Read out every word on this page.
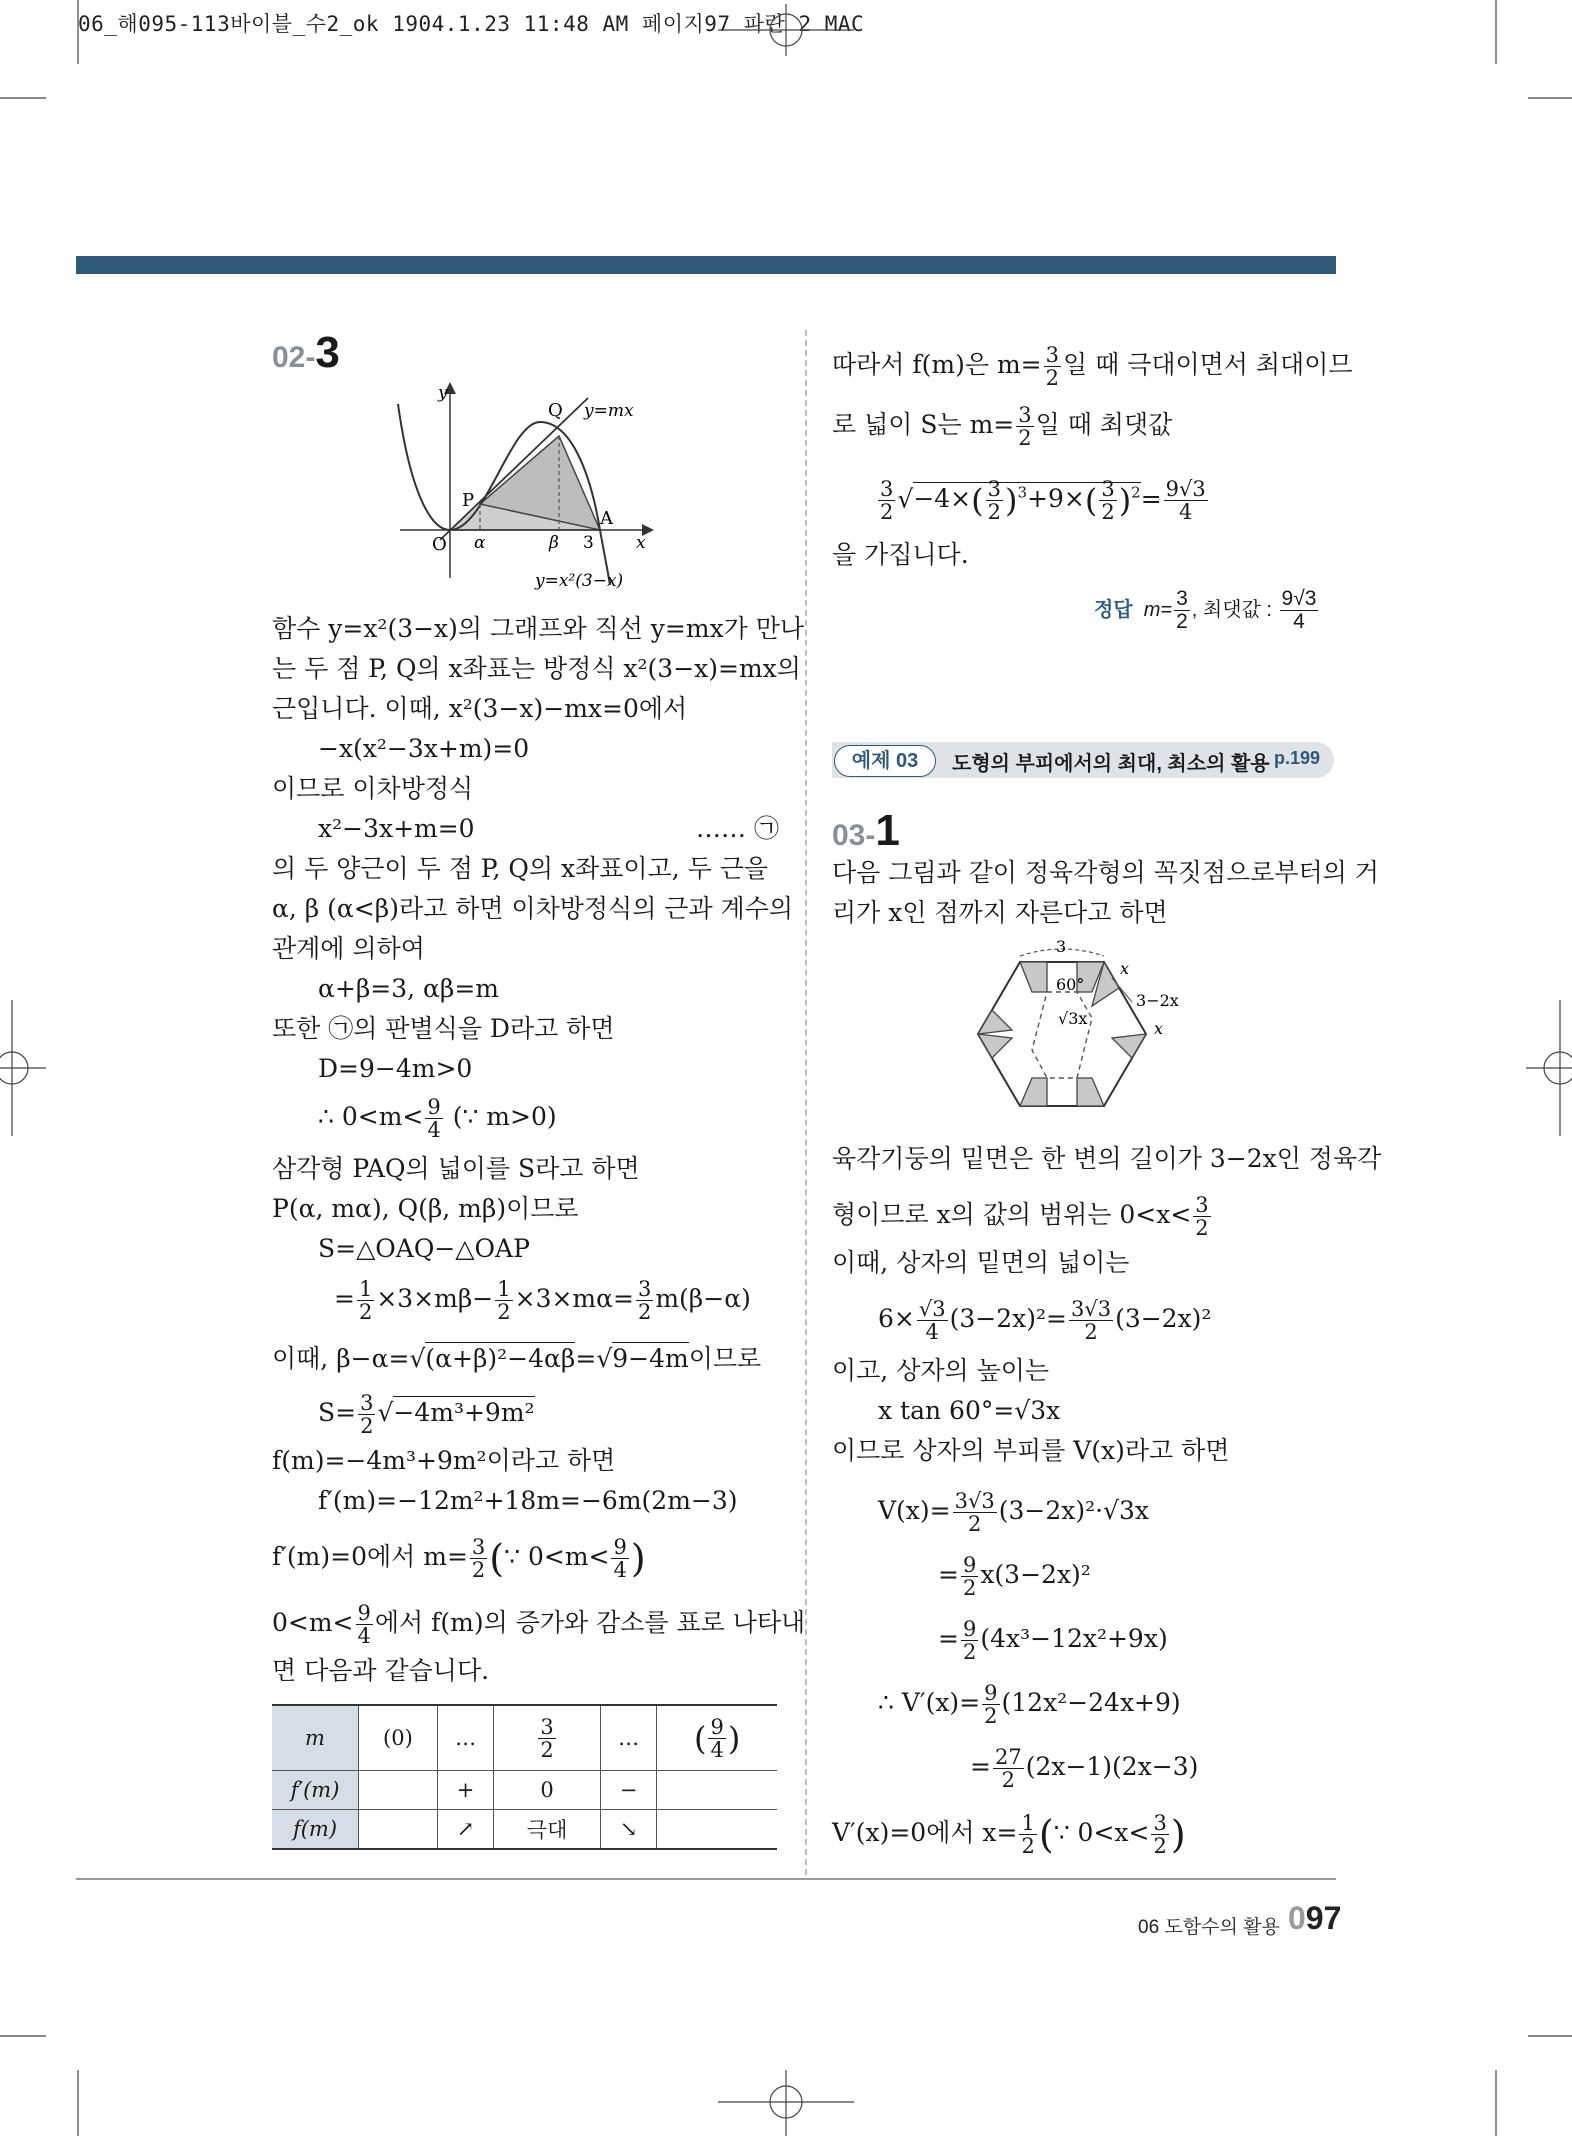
06_해095-113바이블_수2_ok 1904.1.23 11:48 AM 페이지97 파란 2 MAC
02-3
y
x
Q y=mx
P
A
O α	β 3
y=x²(3−x)
함수 y=x²(3−x)의 그래프와 직선 y=mx가 만나
는 두 점 P, Q의 x좌표는 방정식 x²(3−x)=mx의
근입니다. 이때, x²(3−x)−mx=0에서
−x(x²−3x+m)=0
이므로 이차방정식
x²−3x+m=0	…… ㉠
의 두 양근이 두 점 P, Q의 x좌표이고, 두 근을
α, β (α<β)라고 하면 이차방정식의 근과 계수의
관계에 의하여
α+β=3, αβ=m
또한 ㉠의 판별식을 D라고 하면
D=9−4m>0
∴ $0<m< \frac{9}{4}$ (∵ m>0)
삼각형 PAQ의 넓이를 S라고 하면
P(α, mα), Q(β, mβ)이므로
S=△OAQ−△OAP
= $\frac{1}{2} \times 3\times m\beta- \frac{1}{2} \times 3\times m\alpha= \frac{3}{2} m(\beta-\alpha)$
이때, β−α=√(α+β)²−4αβ=√9−4m이므로
$S= \frac{3}{2} √-4m^3+9m^2$
f(m)=−4m³+9m²이라고 하면
f′(m)=−12m²+18m=−6m(2m−3)
f′(m)=0에서 $m= \frac{3}{2}$ (∵ $0<m< \frac{9}{4}$ )
$0<m< \frac{9}{4}$ 에서 f(m)의 증가와 감소를 표로 나타내
면 다음과 같습니다.
m	(0)	…	$\frac{3}{2}$	…	( $\frac{9}{4}$ )
f′(m)		+	0	−	
f(m)		↗	극대	↘	
따라서 f(m)은 $m= \frac{3}{2}$ 일 때 극대이면서 최대이므
로 넓이 S는 $m= \frac{3}{2}$ 일 때 최댓값
$\frac{3}{2} √-4\times( \frac{3}{2} )^3+9\times( \frac{3}{2} )^2= \frac{9√3}{4}$
을 가집니다.
정답 $m= \frac{3}{2}$ , 최댓값 : $\frac{9√3}{4}$
예제 03	도형의 부피에서의 최대, 최소의 활용 p.199
03-1
다음 그림과 같이 정육각형의 꼭짓점으로부터의 거
리가 x인 점까지 자른다고 하면
3
60°
x
3−2x
x
√3x
육각기둥의 밑면은 한 변의 길이가 3−2x인 정육각
형이므로 x의 값의 범위는 $0<x< \frac{3}{2}$
이때, 상자의 밑면의 넓이는
$6\times \frac{√3}{4} (3-2x)^2= \frac{3√3}{2} (3-2x)^2$
이고, 상자의 높이는
x tan 60°=√3x
이므로 상자의 부피를 V(x)라고 하면
$V(x)= \frac{3√3}{2} (3-2x)^2\cdot√3x$
= $\frac{9}{2} x(3-2x)^2$
= $\frac{9}{2} (4x^3-12x^2+9x)$
∴ $V'(x)= \frac{9}{2} (12x^2-24x+9)$
= $\frac{27}{2} (2x-1)(2x-3)$
V′(x)=0에서 $x= \frac{1}{2}$ (∵ $0<x< \frac{3}{2}$ )
06 도함수의 활용 097
